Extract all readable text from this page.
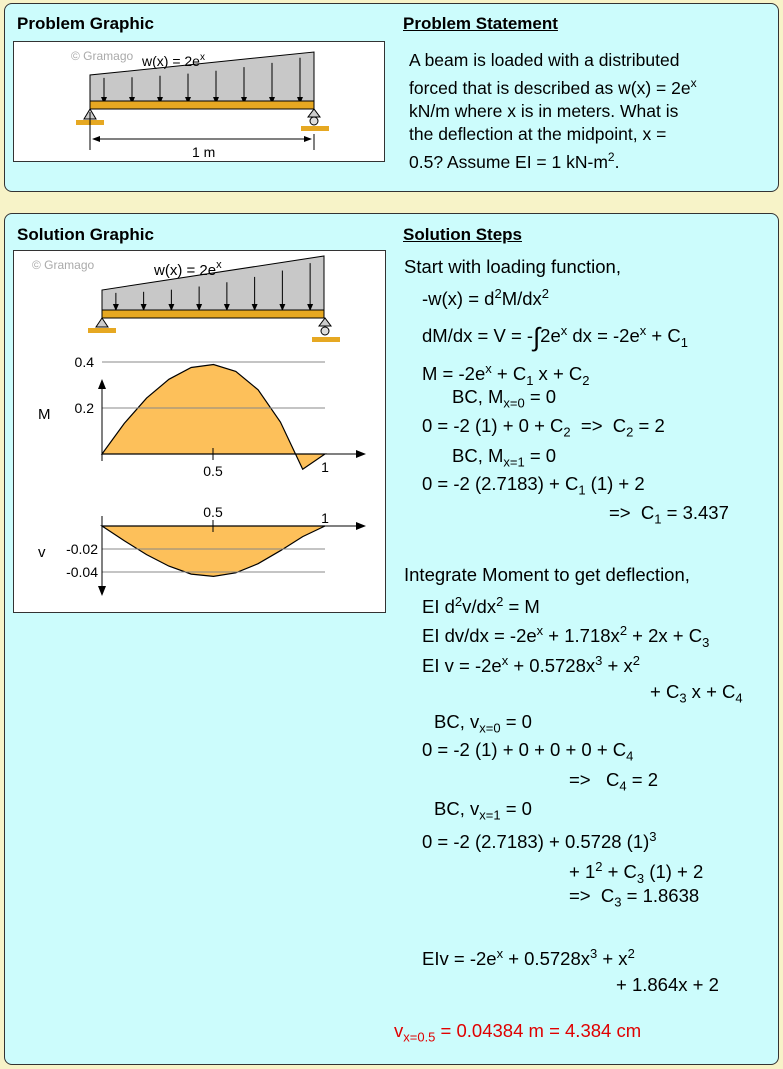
Problem Graphic	Problem Statement
© Gramago $w(x) = 2e^x$
1 m
A beam is loaded with a distributed
forced that is described as $w(x) = 2e^x$
kN/m where x is in meters. What is
the deflection at the midpoint, x =
0.5? Assume EI = 1 $kN-m^2$.
Solution Graphic	Solution Steps
© Gramago	$w(x) = 2e^x$
M
0.4
0.2
0.5	1
v -0.02
-0.04
0.5	1
Start with loading function,
$-w(x) = d^2M/dx^2$
$dM/dx = V = -\int 2e^x$ dx = $-2e^x + C_1$
$M = -2e^x + C_1$ $x + C_2$
BC, $M_{x=0} = 0$
0 = -2 $(1) + 0 + C_2 => C_2 = 2$
BC, $M_{x=1} = 0$
0 = -2 $(2.7183) + C_1$ (1) + 2
=>  $C_1 = 3.437$
Integrate Moment to get deflection,
EI $d^2v/dx^2 = M$
EI $dv/dx = -2e^x + 1.718x^2 + 2x + C_3$
EI $v = -2e^x + 0.5728x^3 + x^2$
+ $C_3$ $x + C_4$
BC, $v_{x=0} = 0$
0 = -2 $(1) + 0 + 0 + 0 + C_4$
=>   $C_4 = 2$
BC, $v_{x=1} = 0$
0 = -2 (2.7183) + 0.5728 $(1)^3$
+ $1^2 + C_3$ (1) + 2
=>  $C_3 = 1.8638$
EIv = $-2e^x + 0.5728x^3 + x^2$
+ 1.864x + 2
$v_{x=0.5} = 0.04384$ m = 4.384 cm
